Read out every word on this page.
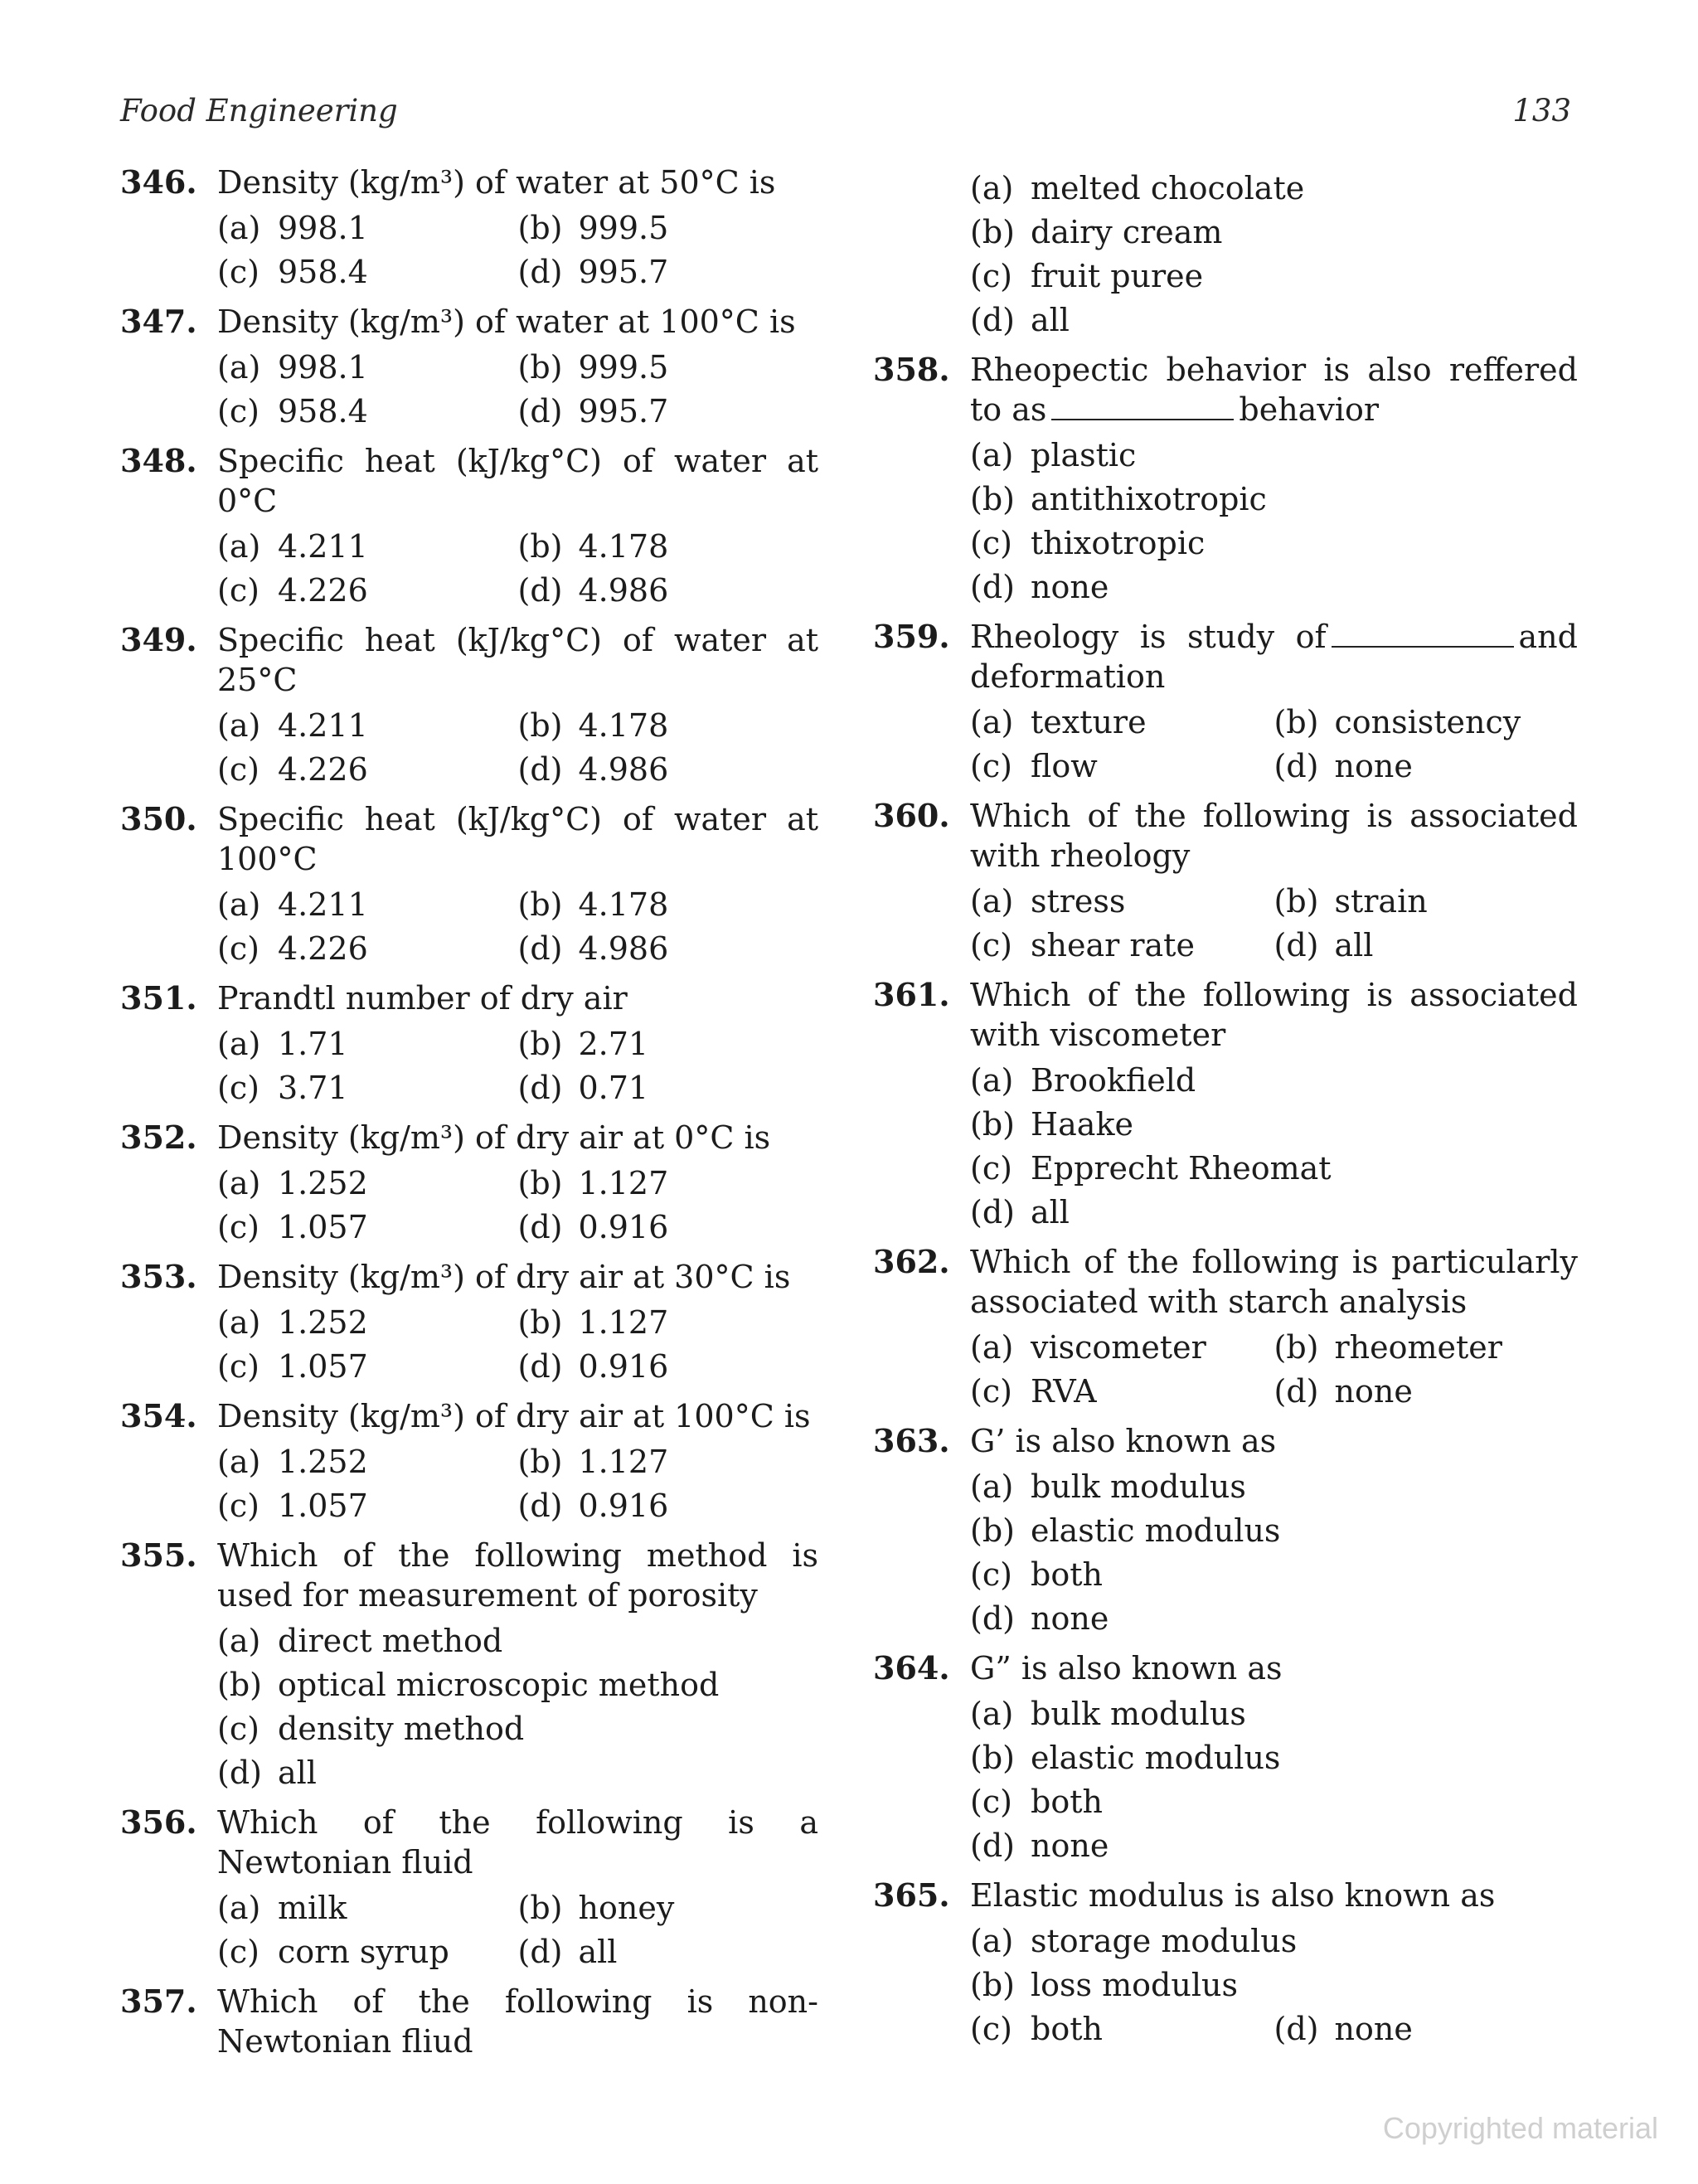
Food Engineering	133
346. Density (kg/m³) of water at 50°C is
(a) 998.1	(b) 999.5
(c) 958.4	(d) 995.7
347. Density (kg/m³) of water at 100°C is
(a) 998.1	(b) 999.5
(c) 958.4	(d) 995.7
348. Specific heat (kJ/kg°C) of water at 0°C
(a) 4.211	(b) 4.178
(c) 4.226	(d) 4.986
349. Specific heat (kJ/kg°C) of water at 25°C
(a) 4.211	(b) 4.178
(c) 4.226	(d) 4.986
350. Specific heat (kJ/kg°C) of water at 100°C
(a) 4.211	(b) 4.178
(c) 4.226	(d) 4.986
351. Prandtl number of dry air
(a) 1.71	(b) 2.71
(c) 3.71	(d) 0.71
352. Density (kg/m³) of dry air at 0°C is
(a) 1.252	(b) 1.127
(c) 1.057	(d) 0.916
353. Density (kg/m³) of dry air at 30°C is
(a) 1.252	(b) 1.127
(c) 1.057	(d) 0.916
354. Density (kg/m³) of dry air at 100°C is
(a) 1.252	(b) 1.127
(c) 1.057	(d) 0.916
355. Which of the following method is used for measurement of porosity
(a) direct method
(b) optical microscopic method
(c) density method
(d) all
356. Which of the following is a Newtonian fluid
(a) milk	(b) honey
(c) corn syrup (d) all
357. Which of the following is non-Newtonian fliud
(a) melted chocolate
(b) dairy cream
(c) fruit puree
(d) all
358. Rheopectic behavior is also reffered to as	behavior
(a) plastic
(b) antithixotropic
(c) thixotropic
(d) none
359. Rheology is study of	and deformation
(a) texture	(b) consistency
(c) flow	(d) none
360. Which of the following is associated with rheology
(a) stress	(b) strain
(c) shear rate	(d) all
361. Which of the following is associated with viscometer
(a) Brookfield
(b) Haake
(c) Epprecht Rheomat
(d) all
362. Which of the following is particularly associated with starch analysis
(a) viscometer (b) rheometer
(c) RVA	(d) none
363. G’ is also known as
(a) bulk modulus
(b) elastic modulus
(c) both
(d) none
364. G” is also known as
(a) bulk modulus
(b) elastic modulus
(c) both
(d) none
365. Elastic modulus is also known as
(a) storage modulus
(b) loss modulus
(c) both	(d) none
Copyrighted material
